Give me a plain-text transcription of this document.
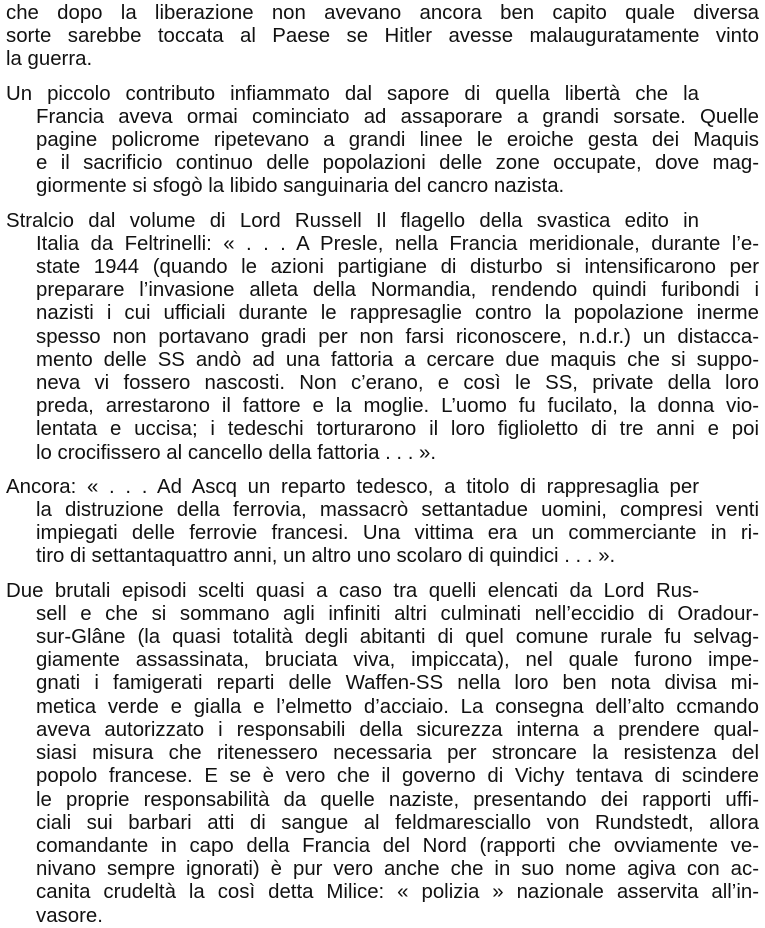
che dopo la liberazione non avevano ancora ben capito quale diversa
sorte sarebbe toccata al Paese se Hitler avesse malauguratamente vinto
la guerra.

Un piccolo contributo infiammato dal sapore di quella libertà che la
Francia aveva ormai cominciato ad assaporare a grandi sorsate. Quelle
pagine policrome ripetevano a grandi linee le eroiche gesta dei Maquis
e il sacrificio continuo delle popolazioni delle zone occupate, dove mag-
giormente si sfogò la libido sanguinaria del cancro nazista.

Stralcio dal volume di Lord Russell Il flagello della svastica edito in
Italia da Feltrinelli: « . . . A Presle, nella Francia meridionale, durante l’e-
state 1944 (quando le azioni partigiane di disturbo si intensificarono per
preparare l’invasione alleta della Normandia, rendendo quindi furibondi i
nazisti i cui ufficiali durante le rappresaglie contro la popolazione inerme
spesso non portavano gradi per non farsi riconoscere, n.d.r.) un distacca-
mento delle SS andò ad una fattoria a cercare due maquis che si suppo-
neva vi fossero nascosti. Non c’erano, e così le SS, private della loro
preda, arrestarono il fattore e la moglie. L’uomo fu fucilato, la donna vio-
lentata e uccisa; i tedeschi torturarono il loro figlioletto di tre anni e poi
lo crocifissero al cancello della fattoria . . . ».

Ancora: « . . . Ad Ascq un reparto tedesco, a titolo di rappresaglia per
la distruzione della ferrovia, massacrò settantadue uomini, compresi venti
impiegati delle ferrovie francesi. Una vittima era un commerciante in ri-
tiro di settantaquattro anni, un altro uno scolaro di quindici . . . ».

Due brutali episodi scelti quasi a caso tra quelli elencati da Lord Rus-
sell e che si sommano agli infiniti altri culminati nell’eccidio di Oradour-
sur-Glâne (la quasi totalità degli abitanti di quel comune rurale fu selvag-
giamente assassinata, bruciata viva, impiccata), nel quale furono impe-
gnati i famigerati reparti delle Waffen-SS nella loro ben nota divisa mi-
metica verde e gialla e l’elmetto d’acciaio. La consegna dell’alto ccmando
aveva autorizzato i responsabili della sicurezza interna a prendere qual-
siasi misura che ritenessero necessaria per stroncare la resistenza del
popolo francese. E se è vero che il governo di Vichy tentava di scindere
le proprie responsabilità da quelle naziste, presentando dei rapporti uffi-
ciali sui barbari atti di sangue al feldmaresciallo von Rundstedt, allora
comandante in capo della Francia del Nord (rapporti che ovviamente ve-
nivano sempre ignorati) è pur vero anche che in suo nome agiva con ac-
canita crudeltà la così detta Milice: « polizia » nazionale asservita all’in-
vasore.
